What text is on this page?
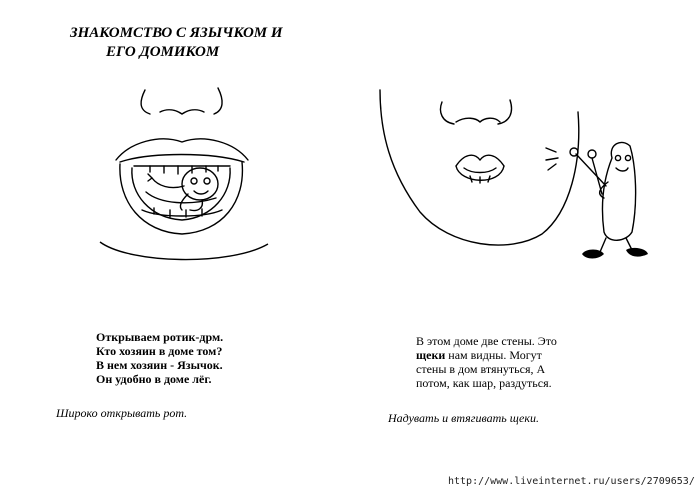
ЗНАКОМСТВО С ЯЗЫЧКОМ И
ЕГО ДОМИКОМ
Открываем ротик-дрм.
Кто хозяин в доме том?
В нем хозяин - Язычок.
Он удобно в доме лёг.
Широко открывать рот.
В этом доме две стены. Это
щеки нам видны. Могут
стены в дом втянуться, А
потом, как шар, раздуться.
Надувать и втягивать щеки.
http://www.liveinternet.ru/users/2709653/
